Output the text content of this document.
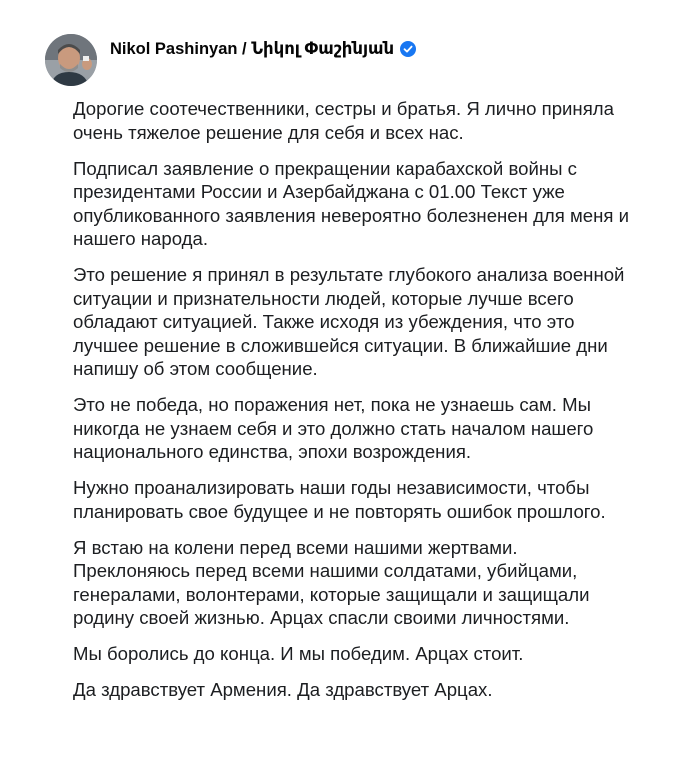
Nikol Pashinyan / Նիկոլ Փաշինյան

Дорогие соотечественники, сестры и братья. Я лично приняла
очень тяжелое решение для себя и всех нас.

Подписал заявление о прекращении карабахской войны с
президентами России и Азербайджана с 01.00 Текст уже
опубликованного заявления невероятно болезненен для меня и
нашего народа.

Это решение я принял в результате глубокого анализа военной
ситуации и признательности людей, которые лучше всего
обладают ситуацией. Также исходя из убеждения, что это
лучшее решение в сложившейся ситуации. В ближайшие дни
напишу об этом сообщение.

Это не победа, но поражения нет, пока не узнаешь сам. Мы
никогда не узнаем себя и это должно стать началом нашего
национального единства, эпохи возрождения.

Нужно проанализировать наши годы независимости, чтобы
планировать свое будущее и не повторять ошибок прошлого.

Я встаю на колени перед всеми нашими жертвами.
Преклоняюсь перед всеми нашими солдатами, убийцами,
генералами, волонтерами, которые защищали и защищали
родину своей жизнью. Арцах спасли своими личностями.

Мы боролись до конца. И мы победим. Арцах стоит.

Да здравствует Армения. Да здравствует Арцах.
